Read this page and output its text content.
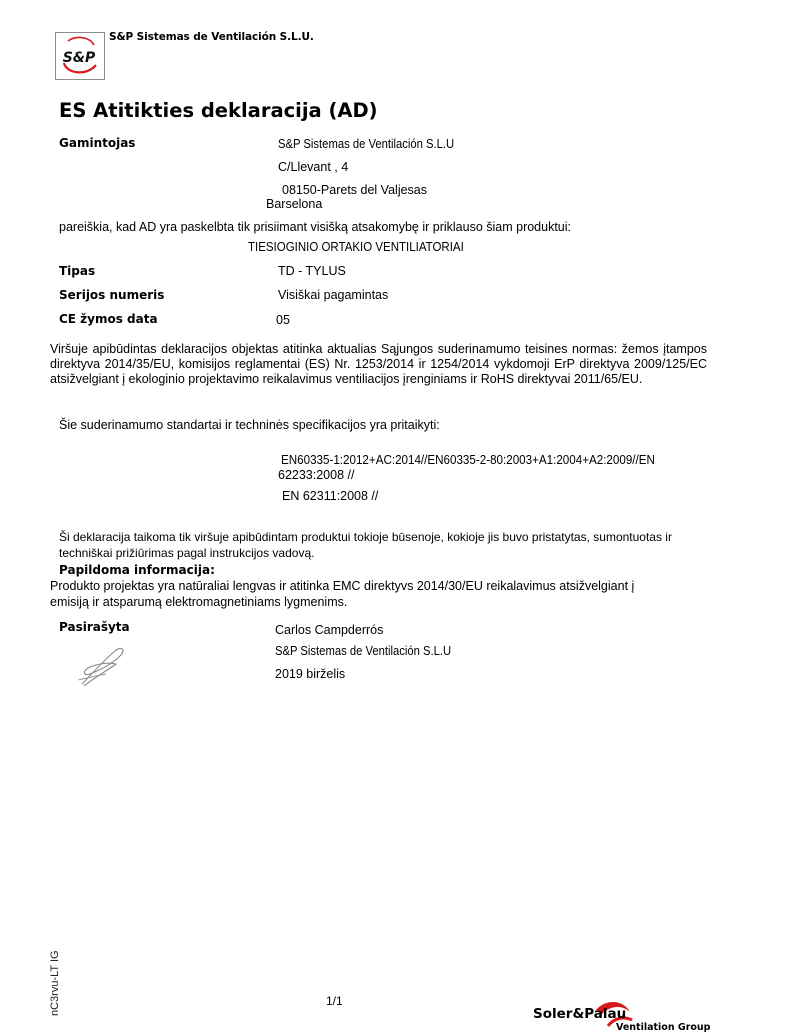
S&P
S&P Sistemas de Ventilación S.L.U.
ES Atitikties deklaracija (AD)
Gamintojas	S&P Sistemas de Ventilación S.L.U
C/Llevant , 4
08150-Parets del Valjesas
Barselona
pareiškia, kad AD yra paskelbta tik prisiimant visišką atsakomybę ir priklauso šiam produktui:
TIESIOGINIO ORTAKIO VENTILIATORIAI
Tipas	TD - TYLUS
Serijos numeris	Visiškai pagamintas
CE žymos data	05
Viršuje apibūdintas deklaracijos objektas atitinka aktualias Sąjungos suderinamumo teisines normas: žemos įtampos direktyva 2014/35/EU, komisijos reglamentai (ES) Nr. 1253/2014 ir 1254/2014 vykdomoji ErP direktyva 2009/125/EC atsižvelgiant į ekologinio projektavimo reikalavimus ventiliacijos įrenginiams ir RoHS direktyvai 2011/65/EU.
Šie suderinamumo standartai ir techninės specifikacijos yra pritaikyti:
EN60335-1:2012+AC:2014//EN60335-2-80:2003+A1:2004+A2:2009//EN
62233:2008 //
EN 62311:2008 //
Ši deklaracija taikoma tik viršuje apibūdintam produktui tokioje būsenoje, kokioje jis buvo pristatytas, sumontuotas ir
techniškai prižiūrimas pagal instrukcijos vadovą.
Papildoma informacija:
Produkto projektas yra natūraliai lengvas ir atitinka EMC direktyvs 2014/30/EU reikalavimus atsižvelgiant į
emisiją ir atsparumą elektromagnetiniams lygmenims.
Pasirašyta	Carlos Campderrós
S&P Sistemas de Ventilación S.L.U
2019 birželis
nC3rvu-LT IG	1/1
Soler&Palau
Ventilation Group
